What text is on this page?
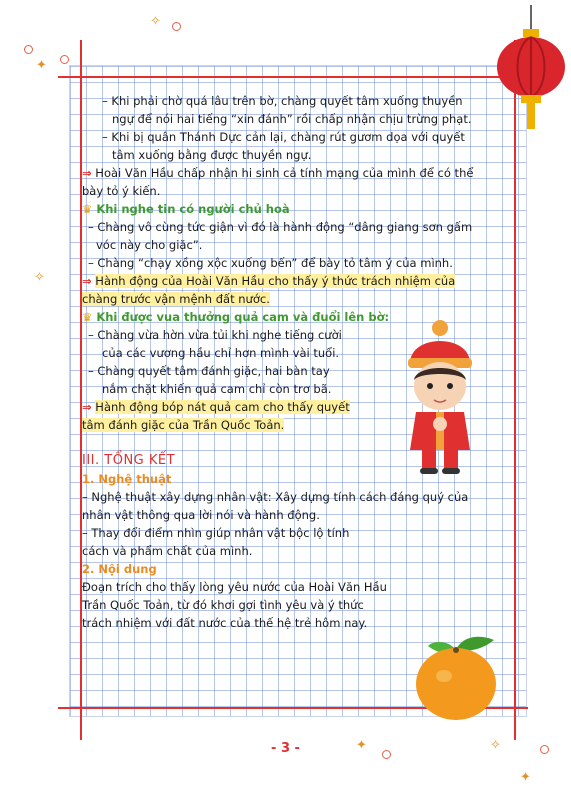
✦
✧
✧
✦	✧
✦
– Khi phải chờ quá lâu trên bờ, chàng quyết tâm xuống thuyền
ngự để nói hai tiếng “xin đánh” rồi chấp nhận chịu trừng phạt.
– Khi bị quân Thánh Dực cản lại, chàng rút gươm dọa với quyết
tâm xuống bằng được thuyền ngự.
⇒ Hoài Văn Hầu chấp nhận hi sinh cả tính mạng của mình để có thể
bày tỏ ý kiến.
♛ Khi nghe tin có người chủ hoà
– Chàng vô cùng tức giận vì đó là hành động “dâng giang sơn gấm
vóc này cho giặc”.
– Chàng “chạy xồng xộc xuống bến” để bày tỏ tâm ý của mình.
⇒ Hành động của Hoài Văn Hầu cho thấy ý thức trách nhiệm của
chàng trước vận mệnh đất nước.
♛ Khi được vua thưởng quả cam và đuổi lên bờ:
– Chàng vừa hờn vừa tủi khi nghe tiếng cười
của các vương hầu chỉ hơn mình vài tuổi.
– Chàng quyết tâm đánh giặc, hai bàn tay
nắm chặt khiến quả cam chỉ còn trơ bã.
⇒ Hành động bóp nát quả cam cho thấy quyết
tâm đánh giặc của Trần Quốc Toản.
III. TỔNG KẾT
1. Nghệ thuật
– Nghệ thuật xây dựng nhân vật: Xây dựng tính cách đáng quý của
nhân vật thông qua lời nói và hành động.
– Thay đổi điểm nhìn giúp nhân vật bộc lộ tính
cách và phẩm chất của mình.
2. Nội dung
Đoạn trích cho thấy lòng yêu nước của Hoài Văn Hầu
Trần Quốc Toản, từ đó khơi gợi tình yêu và ý thức
trách nhiệm với đất nước của thế hệ trẻ hôm nay.
- 3 -
